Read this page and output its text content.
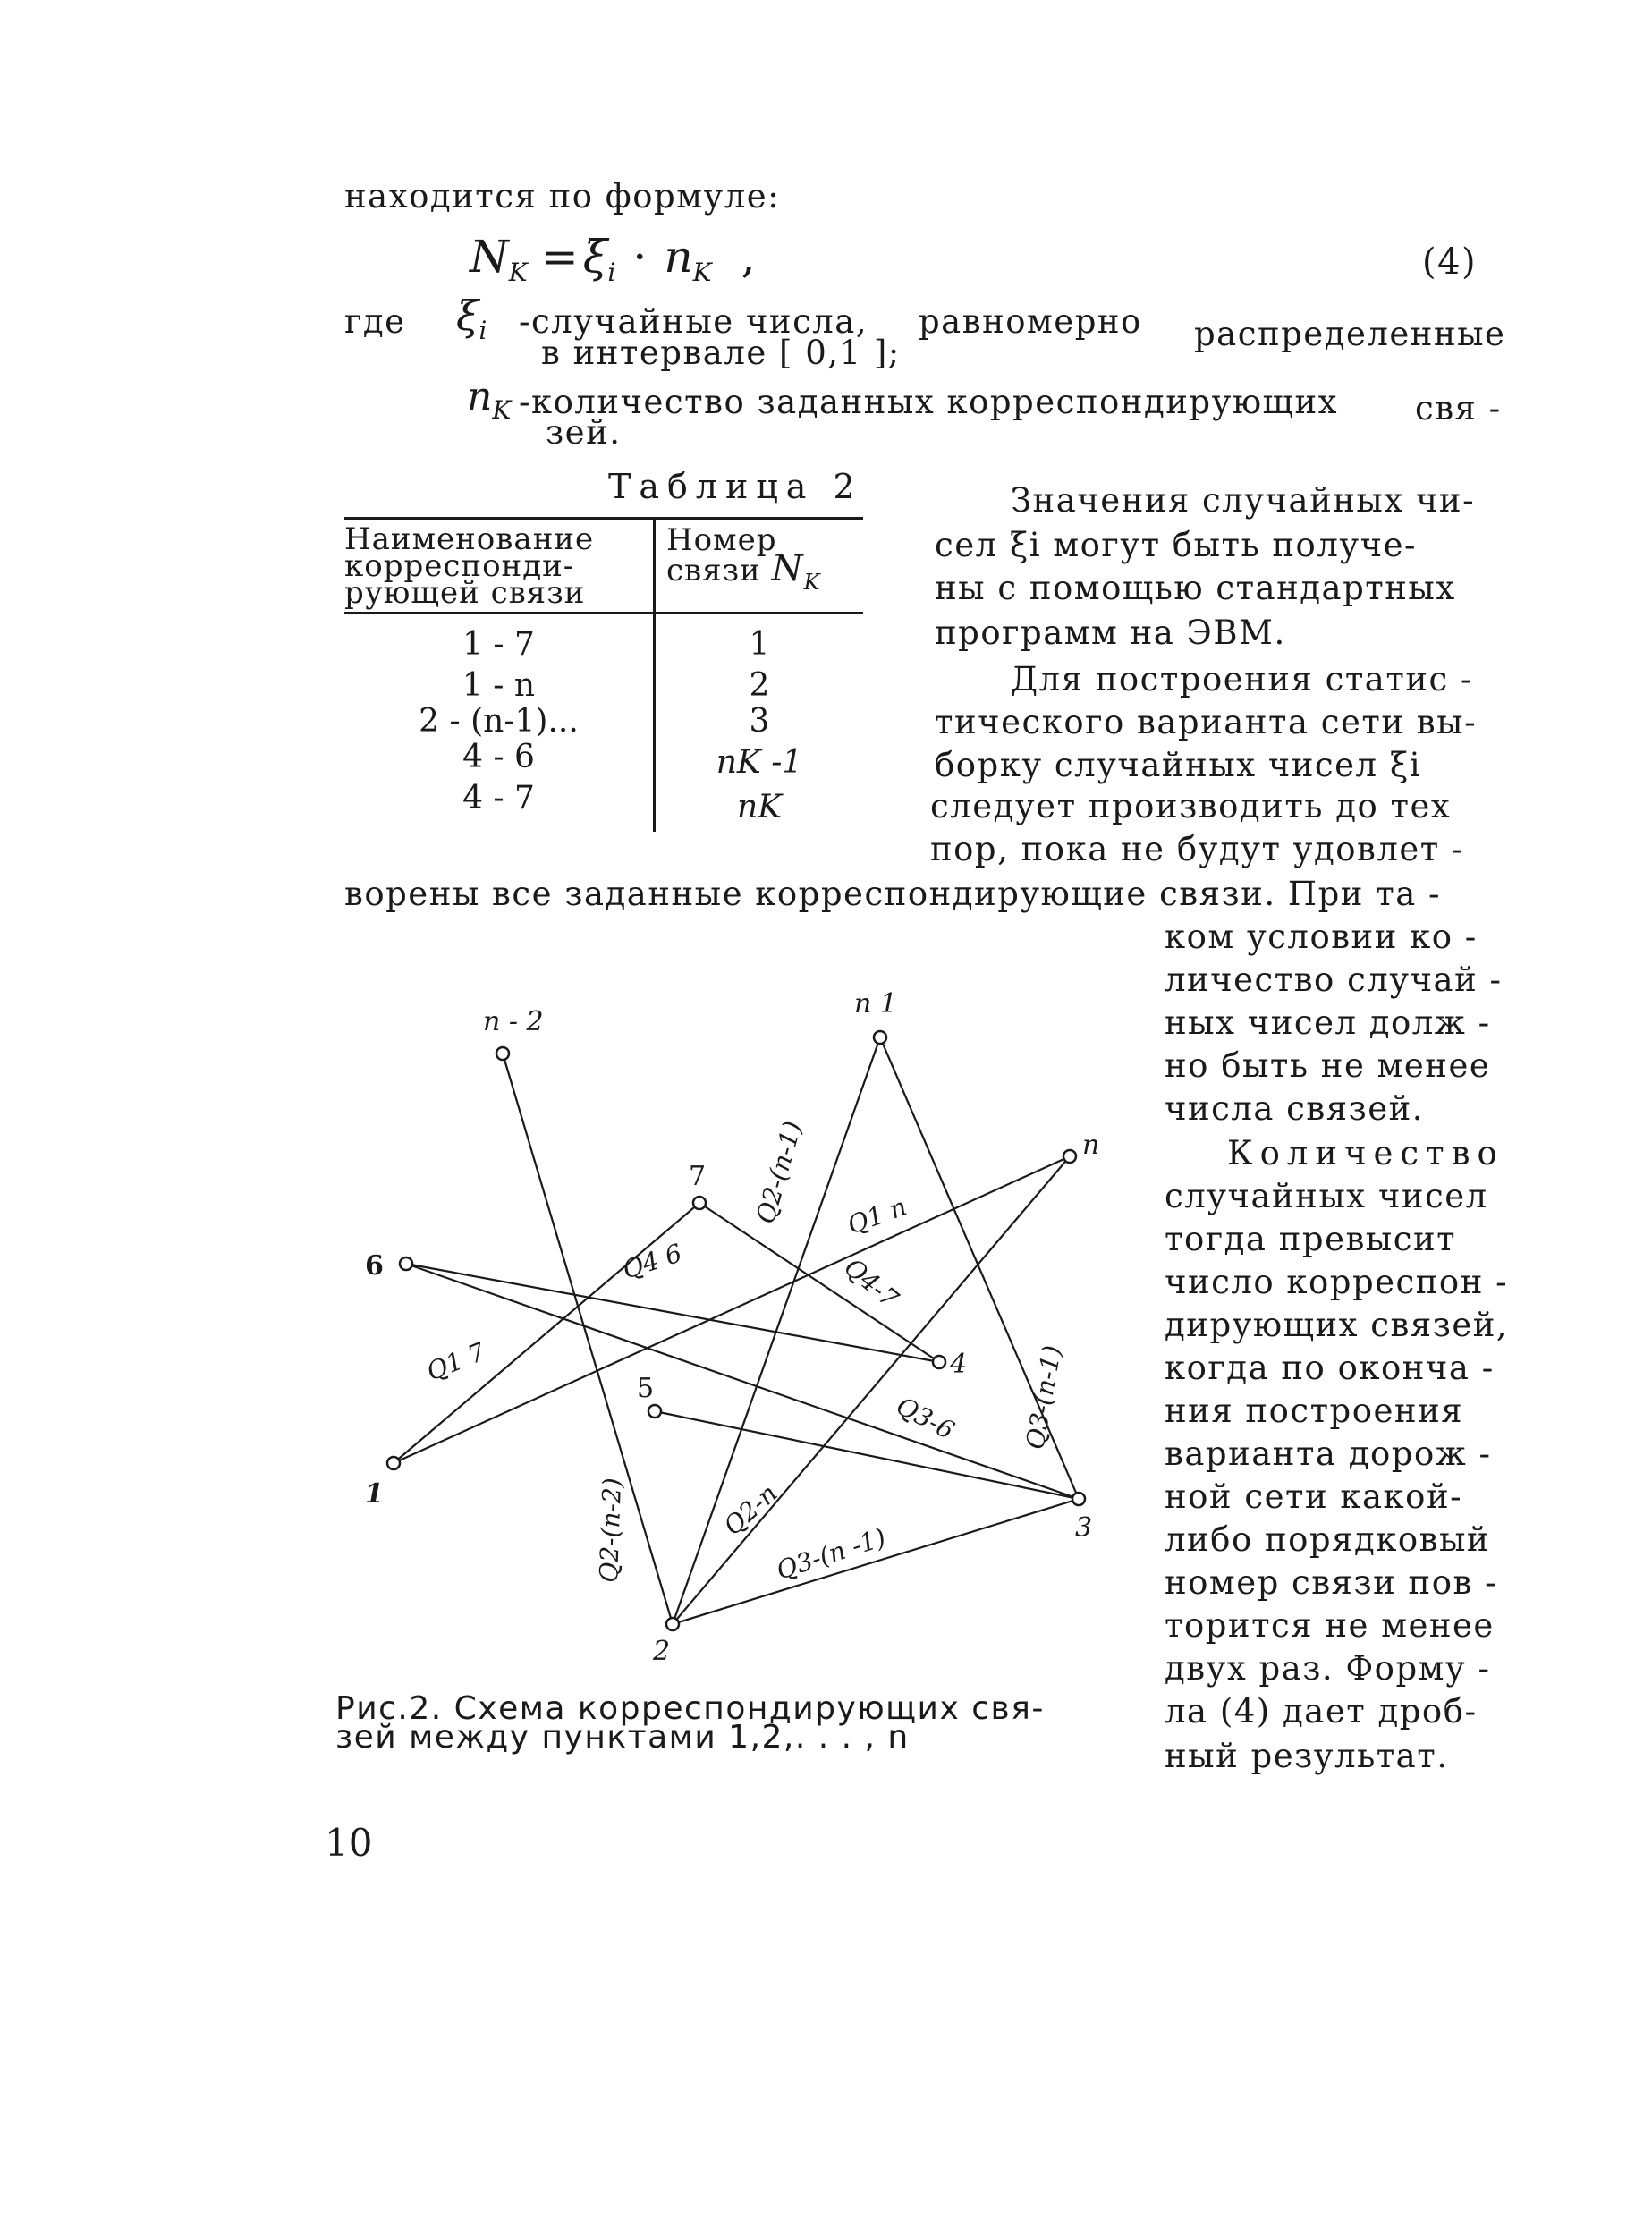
находится по формуле:
NK = ξi · nK ,	(4)
где ξi -случайные числа, равномерно распределенные
в интервале [ 0,1 ];
nK -количество заданных корреспондирующих свя -
зей.
Таблица 2
Наименование
корреспонди-
рующей связи
Номер
связи $N_K$
1 - 7	1
1 - n	2
2 - (n-1)...	3
4 - 6	nK -1
4 - 7	nK
Значения случайных чи-
сел ξi могут быть получе-
ны с помощью стандартных
программ на ЭВМ.
Для построения статис -
тического варианта сети вы-
борку случайных чисел ξi
следует производить до тех
пор, пока не будут удовлет -
ворены все заданные корреспондирующие связи. При та -
ком условии ко -
личество случай -
ных чисел долж -
но быть не менее
числа связей.
Количество
случайных чисел
тогда превысит
число корреспон -
дирующих связей,
когда по оконча -
ния построения
варианта дорож -
ной сети какой-
либо порядковый
номер связи пов -
торится не менее
двух раз. Форму -
ла (4) дает дроб-
ный результат.
n - 2
n 1
n
7
6
4
5
1
3
2
Q2-(n-1) Q1 n
Q4 6	Q4-7
Q1 7	Q3-(n-1)
Q3-6
Q2-(n-2)	Q2-n
Q3-(n -1)
Рис.2. Схема корреспондирующих свя-
зей между пунктами 1,2,. . . , n
10
